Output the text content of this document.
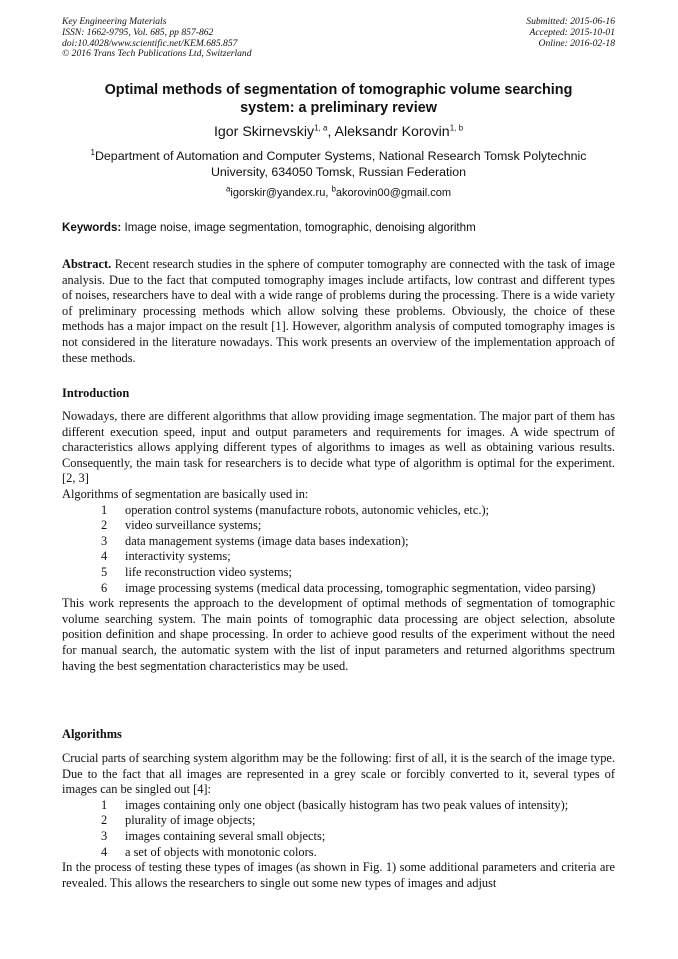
Key Engineering Materials
ISSN: 1662-9795, Vol. 685, pp 857-862
doi:10.4028/www.scientific.net/KEM.685.857
© 2016 Trans Tech Publications Ltd, Switzerland
Submitted: 2015-06-16
Accepted: 2015-10-01
Online: 2016-02-18
Optimal methods of segmentation of tomographic volume searching
system: a preliminary review
Igor Skirnevskiy$^{1, a}$, Aleksandr Korovin$^{1, b}$
$^1$Department of Automation and Computer Systems, National Research Tomsk Polytechnic
University, 634050 Tomsk, Russian Federation
$^a$igorskir@yandex.ru, $^b$akorovin00@gmail.com
Keywords: Image noise, image segmentation, tomographic, denoising algorithm

Abstract. Recent research studies in the sphere of computer tomography are connected with the task of image analysis. Due to the fact that computed tomography images include artifacts, low contrast and different types of noises, researchers have to deal with a wide range of problems during the processing. There is a wide variety of preliminary processing methods which allow solving these problems. Obviously, the choice of these methods has a major impact on the result [1]. However, algorithm analysis of computed tomography images is not considered in the literature nowadays. This work presents an overview of the implementation approach of these methods.

Introduction

Nowadays, there are different algorithms that allow providing image segmentation. The major part of them has different execution speed, input and output parameters and requirements for images. A wide spectrum of characteristics allows applying different types of algorithms to images as well as obtaining various results. Consequently, the main task for researchers is to decide what type of algorithm is optimal for the experiment. [2, 3]

Algorithms of segmentation are basically used in:

1 operation control systems (manufacture robots, autonomic vehicles, etc.);
2 video surveillance systems;
3 data management systems (image data bases indexation);
4 interactivity systems;
5 life reconstruction video systems;
6 image processing systems (medical data processing, tomographic segmentation, video parsing)

This work represents the approach to the development of optimal methods of segmentation of tomographic volume searching system. The main points of tomographic data processing are object selection, absolute position definition and shape processing. In order to achieve good results of the experiment without the need for manual search, the automatic system with the list of input parameters and returned algorithms spectrum having the best segmentation characteristics may be used.

Algorithms

Crucial parts of searching system algorithm may be the following: first of all, it is the search of the image type. Due to the fact that all images are represented in a grey scale or forcibly converted to it, several types of images can be singled out [4]:

1 images containing only one object (basically histogram has two peak values of intensity);
2 plurality of image objects;
3 images containing several small objects;
4 a set of objects with monotonic colors.

In the process of testing these types of images (as shown in Fig. 1) some additional parameters and criteria are revealed. This allows the researchers to single out some new types of images and adjust
